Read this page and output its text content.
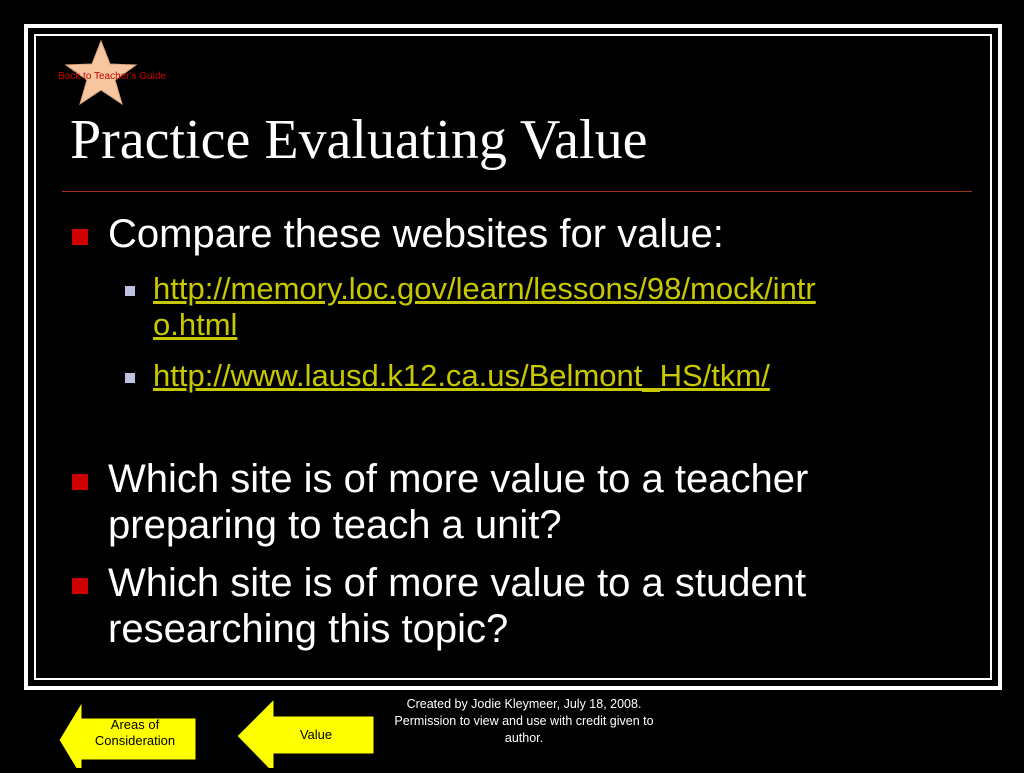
Back to Teacher's Guide
Practice Evaluating Value
Compare these websites for value:
http://memory.loc.gov/learn/lessons/98/mock/intr
o.html
http://www.lausd.k12.ca.us/Belmont_HS/tkm/
Which site is of more value to a teacher
preparing to teach a unit?
Which site is of more value to a student
researching this topic?
Areas of
Consideration	Value
Created by Jodie Kleymeer, July 18, 2008.
Permission to view and use with credit given to
author.
